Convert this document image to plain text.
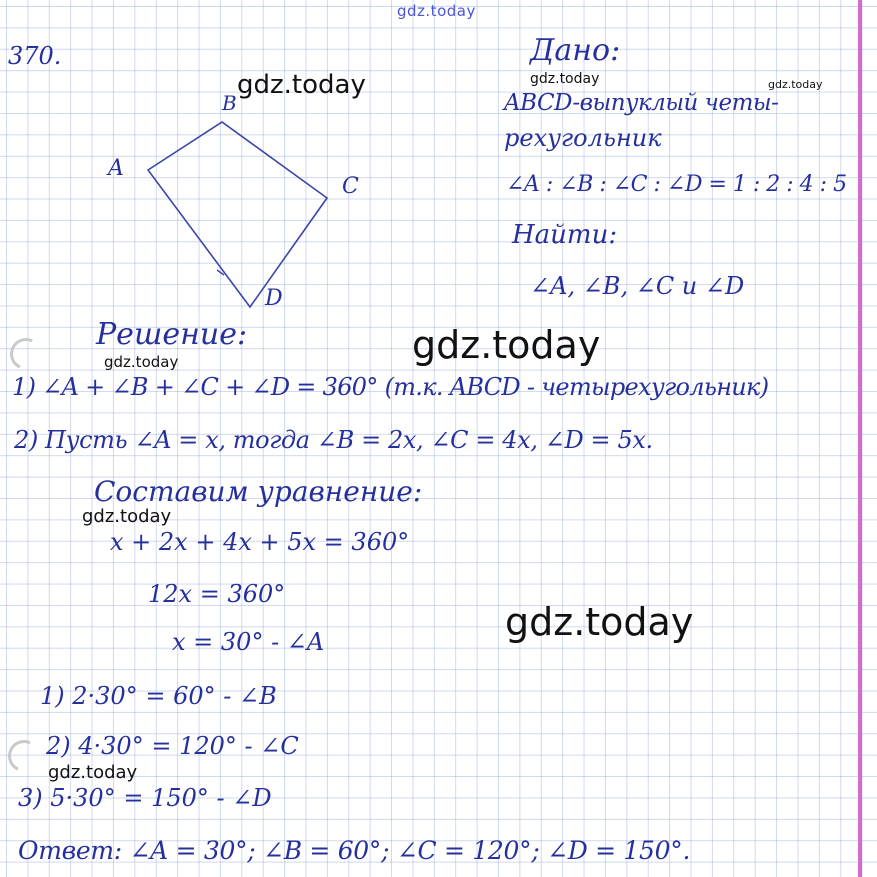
gdz.today
370.
A
B
C
D
Дано:
ABCD-выпуклый четы-
рехугольник
∠A : ∠B : ∠C : ∠D = 1 : 2 : 4 : 5
Найти:
∠A, ∠B, ∠C и ∠D
Решение:
1) ∠A + ∠B + ∠C + ∠D = 360° (т.к. ABCD - четырехугольник)
2) Пусть ∠A = x, тогда ∠B = 2x, ∠C = 4x, ∠D = 5x.
Составим уравнение:
x + 2x + 4x + 5x = 360°
12x = 360°
x = 30° - ∠A
1) 2·30° = 60° - ∠B
2) 4·30° = 120° - ∠C
3) 5·30° = 150° - ∠D
Ответ: ∠A = 30°; ∠B = 60°; ∠C = 120°; ∠D = 150°.
gdz.today	gdz.today	gdz.today
gdz.today
gdz.today
gdz.today
gdz.today
gdz.today
